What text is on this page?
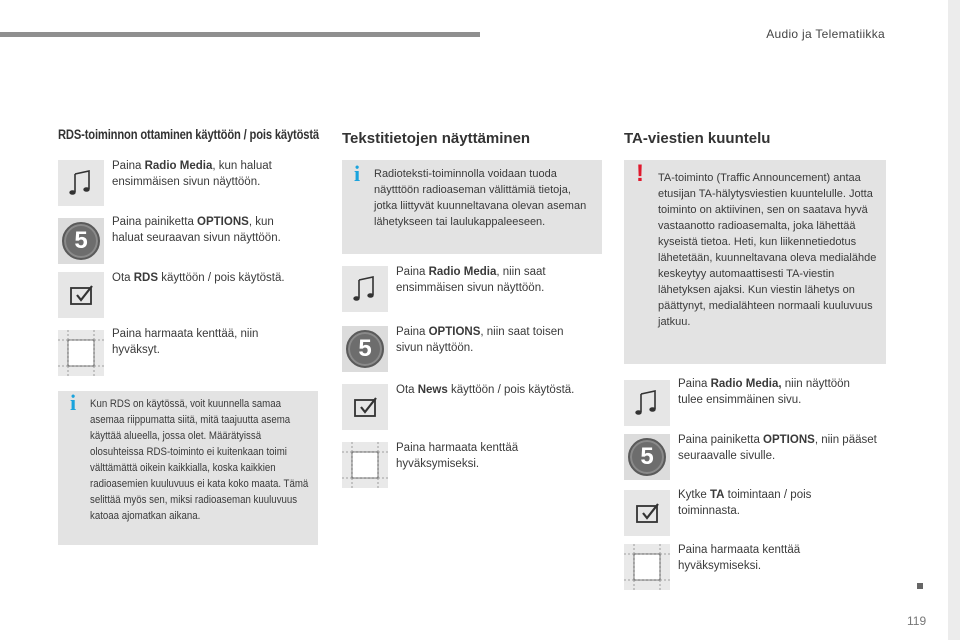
Audio ja Telematiikka
RDS-toiminnon ottaminen käyttöön / pois käytöstä
Paina Radio Media, kun haluat ensimmäisen sivun näyttöön.
5
Paina painiketta OPTIONS, kun haluat seuraavan sivun näyttöön.
Ota RDS käyttöön / pois käytöstä.
Paina harmaata kenttää, niin hyväksyt.
i Kun RDS on käytössä, voit kuunnella samaa asemaa riippumatta siitä, mitä taajuutta asema käyttää alueella, jossa olet. Määrätyissä olosuhteissa RDS-toiminto ei kuitenkaan toimi välttämättä oikein kaikkialla, koska kaikkien radioasemien kuuluvuus ei kata koko maata. Tämä selittää myös sen, miksi radioaseman kuuluvuus katoaa ajomatkan aikana.
Tekstitietojen näyttäminen
i Radioteksti-toiminnolla voidaan tuoda näytttöön radioaseman välittämiä tietoja, jotka liittyvät kuunneltavana olevan aseman lähetykseen tai laulukappaleeseen.
Paina Radio Media, niin saat ensimmäisen sivun näyttöön.
5
Paina OPTIONS, niin saat toisen sivun näyttöön.
Ota News käyttöön / pois käytöstä.
Paina harmaata kenttää hyväksymiseksi.
TA-viestien kuuntelu
! TA-toiminto (Traffic Announcement) antaa etusijan TA-hälytysviestien kuuntelulle. Jotta toiminto on aktiivinen, sen on saatava hyvä vastaanotto radioasemalta, joka lähettää kyseistä tietoa. Heti, kun liikennetiedotus lähetetään, kuunneltavana oleva medialähde keskeytyy automaattisesti TA-viestin lähetyksen ajaksi. Kun viestin lähetys on päättynyt, medialähteen normaali kuuluvuus jatkuu.
Paina Radio Media, niin näyttöön tulee ensimmäinen sivu.
5
Paina painiketta OPTIONS, niin pääset seuraavalle sivulle.
Kytke TA toimintaan / pois toiminnasta.
Paina harmaata kenttää hyväksymiseksi.
119
